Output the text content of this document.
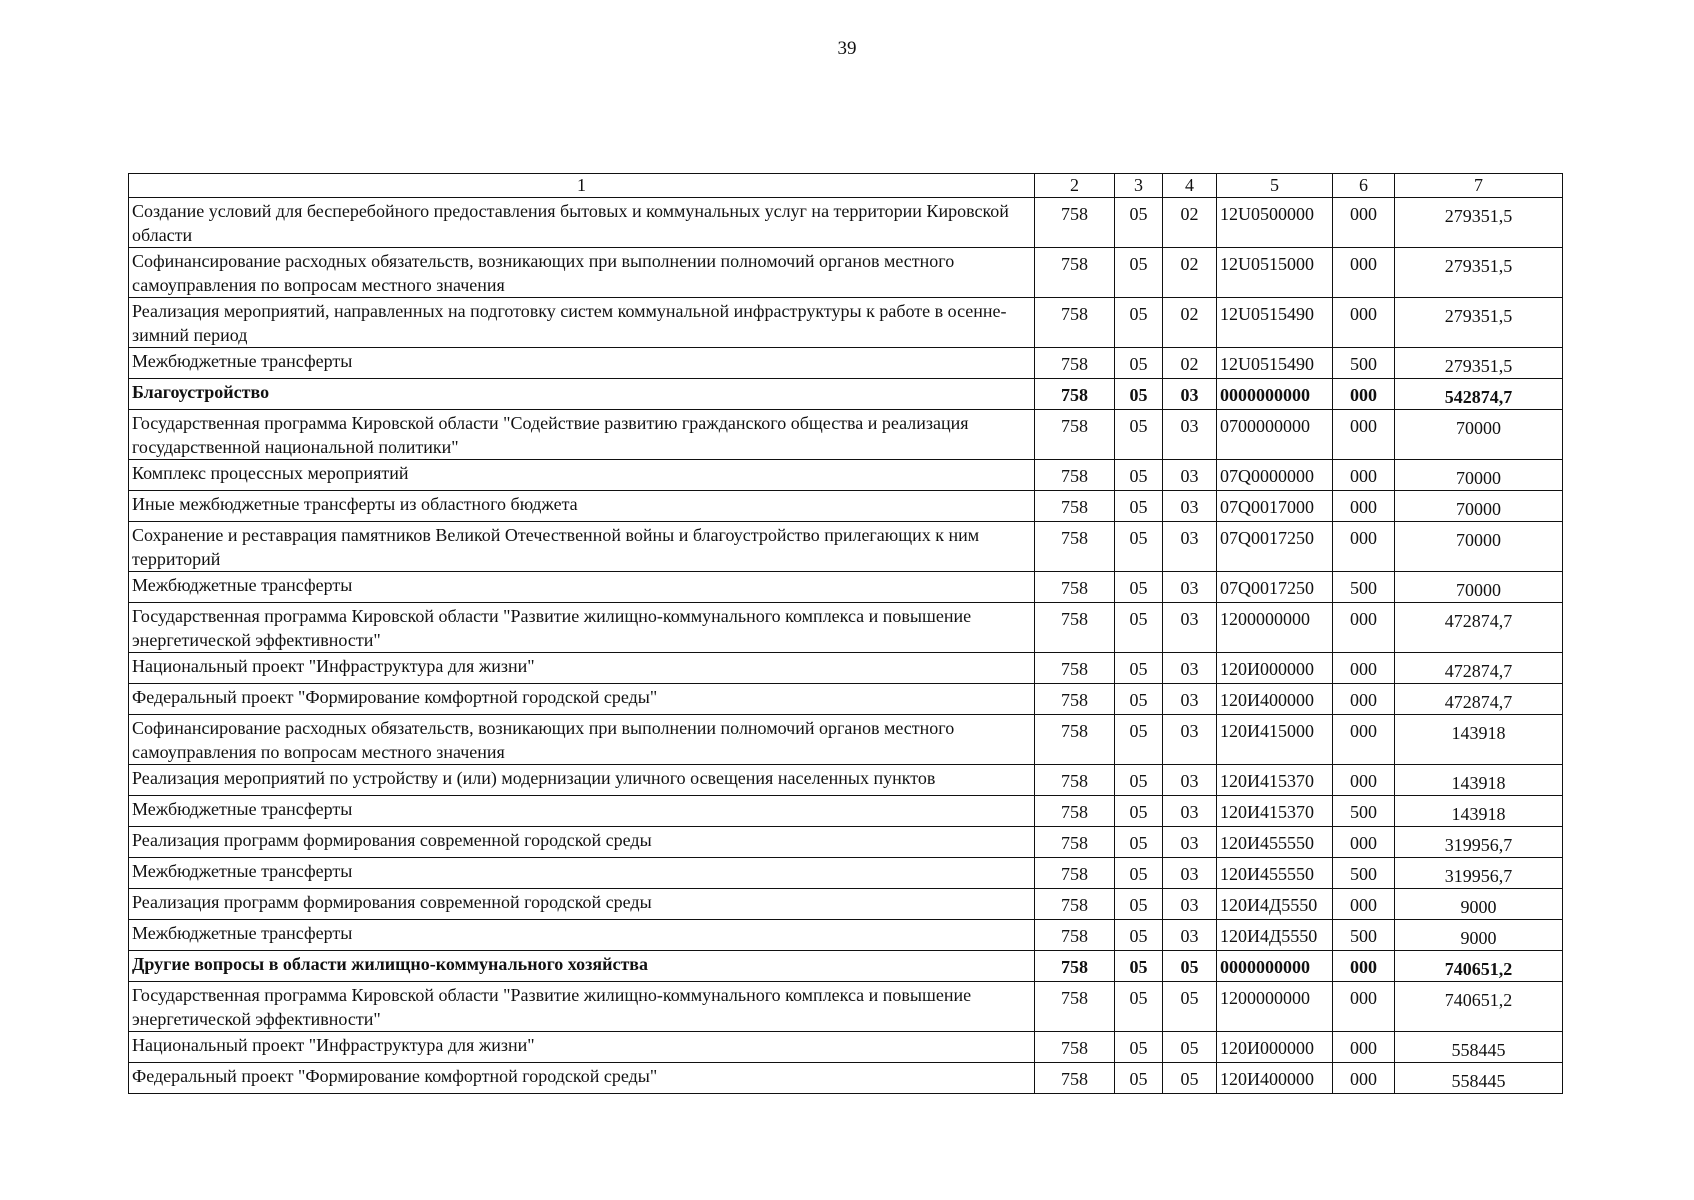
39
1	2	3	4	5	6	7
Создание условий для бесперебойного предоставления бытовых и коммунальных услуг на территории Кировской области	758	05	02	12U0500000	000	279351,5
Софинансирование расходных обязательств, возникающих при выполнении полномочий органов местного самоуправления по вопросам местного значения	758	05	02	12U0515000	000	279351,5
Реализация мероприятий, направленных на подготовку систем коммунальной инфраструктуры к работе в осенне-зимний период	758	05	02	12U0515490	000	279351,5
Межбюджетные трансферты	758	05	02	12U0515490	500	279351,5
Благоустройство	758	05	03	0000000000	000	542874,7
Государственная программа Кировской области "Содействие развитию гражданского общества и реализация государственной национальной политики"	758	05	03	0700000000	000	70000
Комплекс процессных мероприятий	758	05	03	07Q0000000	000	70000
Иные межбюджетные трансферты из областного бюджета	758	05	03	07Q0017000	000	70000
Сохранение и реставрация памятников Великой Отечественной войны и благоустройство прилегающих к ним территорий	758	05	03	07Q0017250	000	70000
Межбюджетные трансферты	758	05	03	07Q0017250	500	70000
Государственная программа Кировской области "Развитие жилищно-коммунального комплекса и повышение энергетической эффективности"	758	05	03	1200000000	000	472874,7
Национальный проект "Инфраструктура для жизни"	758	05	03	120И000000	000	472874,7
Федеральный проект "Формирование комфортной городской среды"	758	05	03	120И400000	000	472874,7
Софинансирование расходных обязательств, возникающих при выполнении полномочий органов местного самоуправления по вопросам местного значения	758	05	03	120И415000	000	143918
Реализация мероприятий по устройству и (или) модернизации уличного освещения населенных пунктов	758	05	03	120И415370	000	143918
Межбюджетные трансферты	758	05	03	120И415370	500	143918
Реализация программ формирования современной городской среды	758	05	03	120И455550	000	319956,7
Межбюджетные трансферты	758	05	03	120И455550	500	319956,7
Реализация программ формирования современной городской среды	758	05	03	120И4Д5550	000	9000
Межбюджетные трансферты	758	05	03	120И4Д5550	500	9000
Другие вопросы в области жилищно-коммунального хозяйства	758	05	05	0000000000	000	740651,2
Государственная программа Кировской области "Развитие жилищно-коммунального комплекса и повышение энергетической эффективности"	758	05	05	1200000000	000	740651,2
Национальный проект "Инфраструктура для жизни"	758	05	05	120И000000	000	558445
Федеральный проект "Формирование комфортной городской среды"	758	05	05	120И400000	000	558445
